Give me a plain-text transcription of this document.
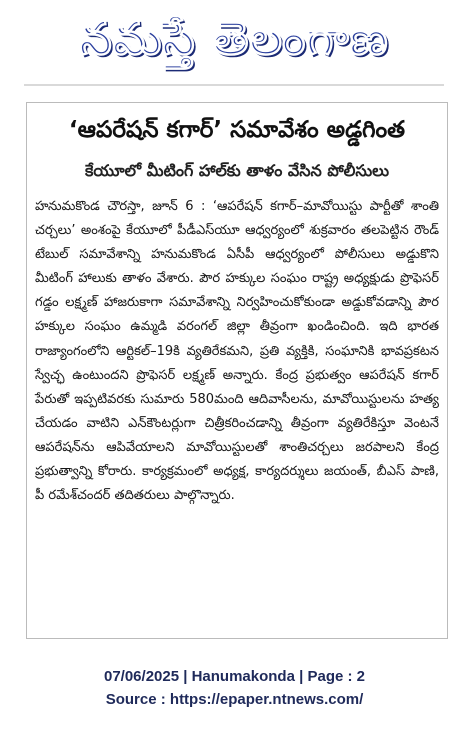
నమస్తే తెలంగాణ
‘ఆపరేషన్ కగార్’ సమావేశం అడ్డగింత
కేయూలో మీటింగ్ హాల్‌కు తాళం వేసిన పోలీసులు
హనుమకొండ చౌరస్తా, జూన్ 6 : ‘ఆపరేషన్ కగార్–మావోయిస్టు పార్టీతో శాంతి చర్చలు’ అంశంపై కేయూలో పీడీఎస్‌యూ ఆధ్వర్యంలో శుక్రవారం తలపెట్టిన రౌండ్ టేబుల్ సమావేశాన్ని హనుమకొండ ఏసీపీ ఆధ్వర్యంలో పోలీసులు అడ్డుకొని మీటింగ్ హాలుకు తాళం వేశారు. పౌర హక్కుల సంఘం రాష్ట్ర అధ్యక్షుడు ప్రొఫెసర్ గడ్డం లక్ష్మణ్ హాజరుకాగా సమావేశాన్ని నిర్వహించుకోకుండా అడ్డుకోవడాన్ని పౌర హక్కుల సంఘం ఉమ్మడి వరంగల్ జిల్లా తీవ్రంగా ఖండించింది. ఇది భారత రాజ్యాంగంలోని ఆర్టికల్–19కి వ్యతిరేకమని, ప్రతి వ్యక్తికి, సంఘానికి భావప్రకటన స్వేచ్ఛ ఉంటుందని ప్రొఫెసర్ లక్ష్మణ్ అన్నారు. కేంద్ర ప్రభుత్వం ఆపరేషన్ కగార్ పేరుతో ఇప్పటివరకు సుమారు 580మంది ఆదివాసీలను, మావోయిస్టులను హత్య చేయడం వాటిని ఎన్‌కౌంటర్లుగా చిత్రీకరించడాన్ని తీవ్రంగా వ్యతిరేకిస్తూ వెంటనే ఆపరేషన్‌ను ఆపివేయాలని మావోయిస్టులతో శాంతిచర్చలు జరపాలని కేంద్ర ప్రభుత్వాన్ని కోరారు. కార్యక్రమంలో అధ్యక్ష, కార్యదర్శులు జయంత్, బీఎస్ పాణి, పీ రమేశ్‌చందర్ తదితరులు పాల్గొన్నారు.
07/06/2025 | Hanumakonda | Page : 2
Source : https://epaper.ntnews.com/
